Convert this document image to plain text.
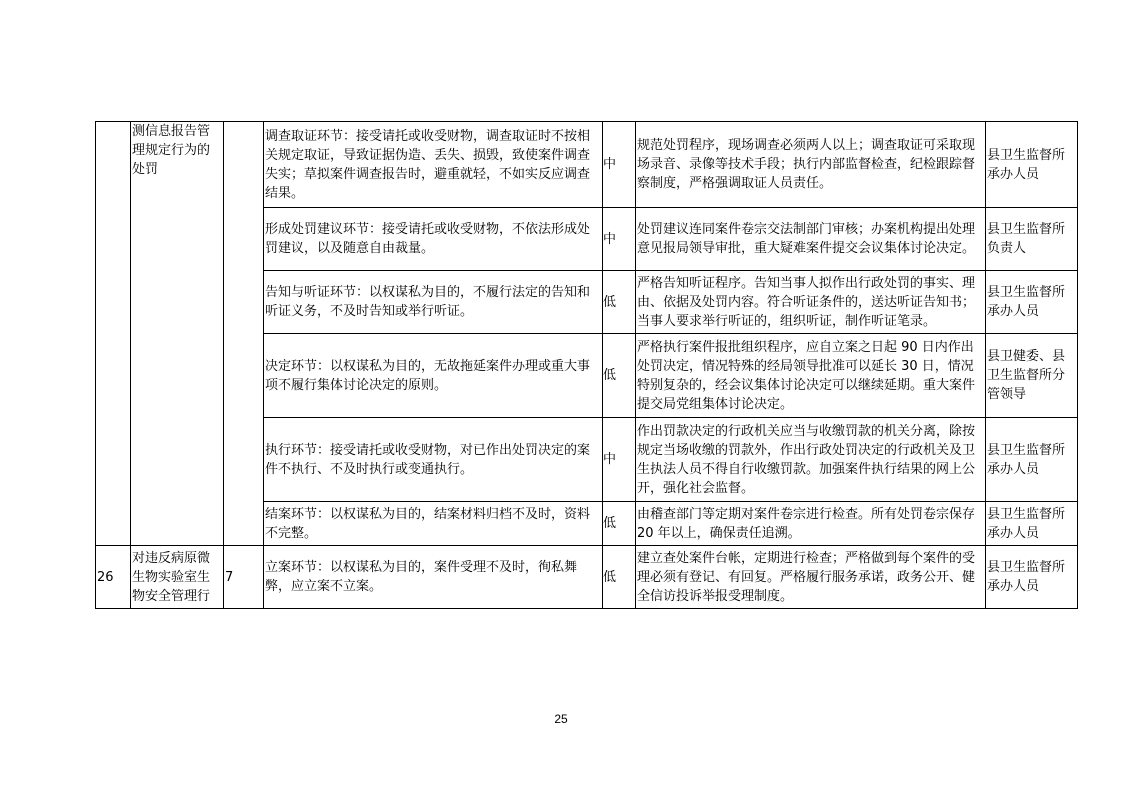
	测信息报告管理规定行为的处罚		调查取证环节：接受请托或收受财物，调查取证时不按相关规定取证，导致证据伪造、丢失、损毁，致使案件调查失实；草拟案件调查报告时，避重就轻，不如实反应调查结果。	中	规范处罚程序，现场调查必须两人以上；调查取证可采取现场录音、录像等技术手段；执行内部监督检查，纪检跟踪督察制度，严格强调取证人员责任。	县卫生监督所承办人员
			形成处罚建议环节：接受请托或收受财物，不依法形成处罚建议，以及随意自由裁量。	中	处罚建议连同案件卷宗交法制部门审核；办案机构提出处理意见报局领导审批，重大疑难案件提交会议集体讨论决定。	县卫生监督所负责人
			告知与听证环节：以权谋私为目的，不履行法定的告知和听证义务，不及时告知或举行听证。	低	严格告知听证程序。告知当事人拟作出行政处罚的事实、理由、依据及处罚内容。符合听证条件的，送达听证告知书；当事人要求举行听证的，组织听证，制作听证笔录。	县卫生监督所承办人员
			决定环节：以权谋私为目的，无故拖延案件办理或重大事项不履行集体讨论决定的原则。	低	严格执行案件报批组织程序，应自立案之日起 90 日内作出处罚决定，情况特殊的经局领导批准可以延长 30 日，情况特别复杂的，经会议集体讨论决定可以继续延期。重大案件提交局党组集体讨论决定。	县卫健委、县卫生监督所分管领导
			执行环节：接受请托或收受财物，对已作出处罚决定的案件不执行、不及时执行或变通执行。	中	作出罚款决定的行政机关应当与收缴罚款的机关分离，除按规定当场收缴的罚款外，作出行政处罚决定的行政机关及卫生执法人员不得自行收缴罚款。加强案件执行结果的网上公开，强化社会监督。	县卫生监督所承办人员
			结案环节：以权谋私为目的，结案材料归档不及时，资料不完整。	低	由稽查部门等定期对案件卷宗进行检查。所有处罚卷宗保存 20 年以上，确保责任追溯。	县卫生监督所承办人员
26	对违反病原微生物实验室生物安全管理行	7	立案环节：以权谋私为目的，案件受理不及时，徇私舞弊，应立案不立案。	低	建立查处案件台帐，定期进行检查；严格做到每个案件的受理必须有登记、有回复。严格履行服务承诺，政务公开、健全信访投诉举报受理制度。	县卫生监督所承办人员
25
